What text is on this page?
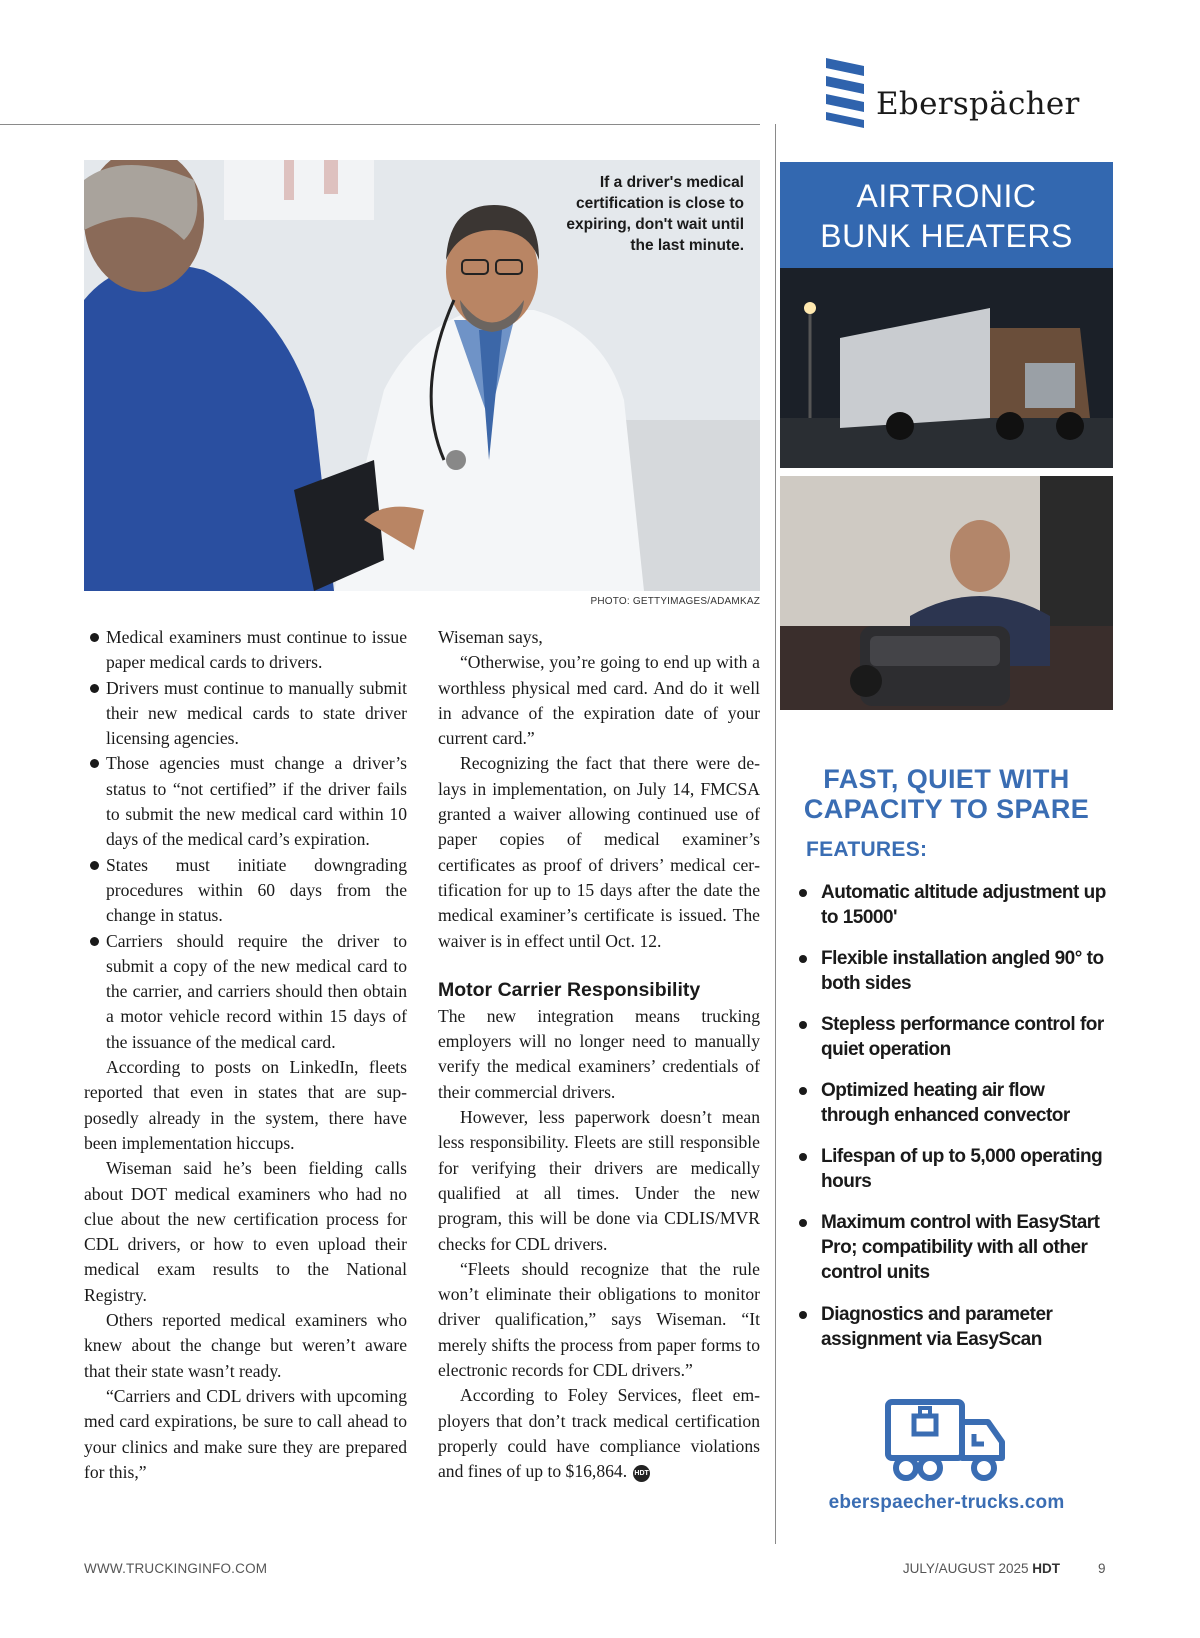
If a driver's medical certification is close to expiring, don't wait until the last minute.
PHOTO: GETTYIMAGES/ADAMKAZ

Medical examiners must continue to issue paper medical cards to drivers.

Drivers must continue to manually submit their new medical cards to state driver licensing agencies.

Those agencies must change a driver’s status to “not certified” if the driver fails to submit the new medical card within 10 days of the medical card’s expiration.

States must initiate downgrading procedures within 60 days from the change in status.

Carriers should require the driver to submit a copy of the new medical card to the carrier, and carriers should then obtain a motor vehicle record within 15 days of the issuance of the medical card.

According to posts on LinkedIn, fleets reported that even in states that are supposedly already in the system, there have been implementation hiccups.

Wiseman said he’s been fielding calls about DOT medical examiners who had no clue about the new certification process for CDL drivers, or how to even upload their medical exam results to the National Registry.

Others reported medical examiners who knew about the change but weren’t aware that their state wasn’t ready.

“Carriers and CDL drivers with upcoming med card expirations, be sure to call ahead to your clinics and make sure they are prepared for this,”

Wiseman says,

“Otherwise, you’re going to end up with a worthless physical med card. And do it well in advance of the expiration date of your current card.”

Recognizing the fact that there were delays in implementation, on July 14, FMCSA granted a waiver allowing continued use of paper copies of medical examiner’s certificates as proof of drivers’ medical certification for up to 15 days after the date the medical examiner’s certificate is issued. The waiver is in effect until Oct. 12.

Motor Carrier Responsibility

The new integration means trucking employers will no longer need to manually verify the medical examiners’ credentials of their commercial drivers.

However, less paperwork doesn’t mean less responsibility. Fleets are still responsible for verifying their drivers are medically qualified at all times. Under the new program, this will be done via CDLIS/MVR checks for CDL drivers.

“Fleets should recognize that the rule won’t eliminate their obligations to monitor driver qualification,” says Wiseman. “It merely shifts the process from paper forms to electronic records for CDL drivers.”

According to Foley Services, fleet employers that don’t track medical certification properly could have compliance violations and fines of up to $16,864. HDT

WWW.TRUCKINGINFO.COM	JULY/AUGUST 2025 HDT	9
Eberspächer
AIRTRONIC
BUNK HEATERS
FAST, QUIET WITH
CAPACITY TO SPARE
FEATURES:
Automatic altitude adjustment up to 15000'
Flexible installation angled 90° to both sides
Stepless performance control for quiet operation
Optimized heating air flow through enhanced convector
Lifespan of up to 5,000 operating hours
Maximum control with EasyStart Pro; compatibility with all other control units
Diagnostics and parameter assignment via EasyScan
eberspaecher-trucks.com
